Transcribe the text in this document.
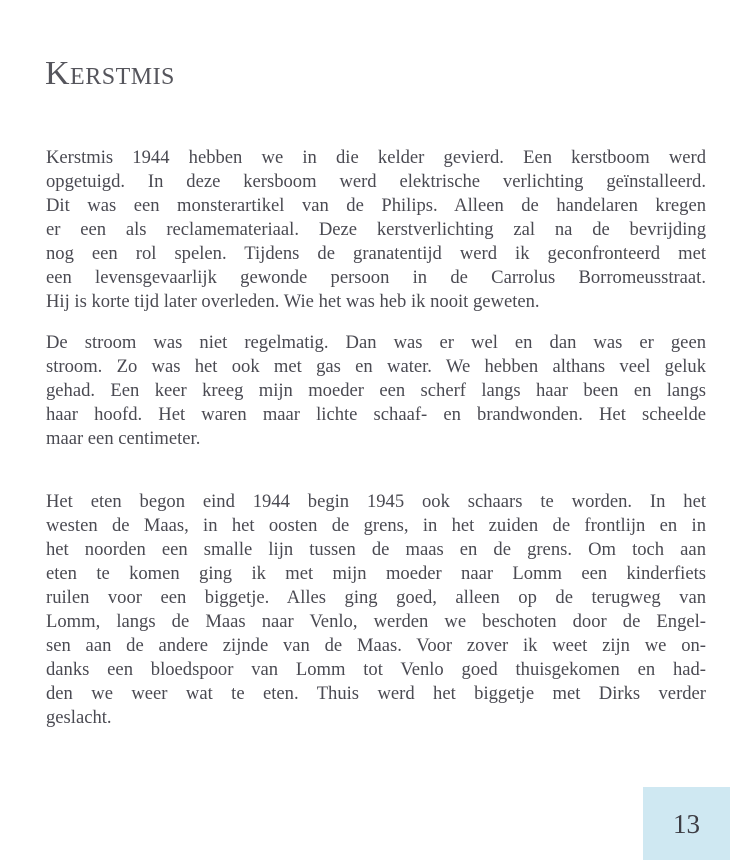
Kerstmis
Kerstmis 1944 hebben we in die kelder gevierd. Een kerstboom werd
opgetuigd. In deze kersboom werd elektrische verlichting geïnstalleerd.
Dit was een monsterartikel van de Philips. Alleen de handelaren kregen
er een als reclamemateriaal. Deze kerstverlichting zal na de bevrijding
nog een rol spelen. Tijdens de granatentijd werd ik geconfronteerd met
een levensgevaarlijk gewonde persoon in de Carrolus Borromeusstraat.
Hij is korte tijd later overleden. Wie het was heb ik nooit geweten.
De stroom was niet regelmatig. Dan was er wel en dan was er geen
stroom. Zo was het ook met gas en water. We hebben althans veel geluk
gehad. Een keer kreeg mijn moeder een scherf langs haar been en langs
haar hoofd. Het waren maar lichte schaaf- en brandwonden. Het scheelde
maar een centimeter.
Het eten begon eind 1944 begin 1945 ook schaars te worden. In het
westen de Maas, in het oosten de grens, in het zuiden de frontlijn en in
het noorden een smalle lijn tussen de maas en de grens. Om toch aan
eten te komen ging ik met mijn moeder naar Lomm een kinderfiets
ruilen voor een biggetje. Alles ging goed, alleen op de terugweg van
Lomm, langs de Maas naar Venlo, werden we beschoten door de Engel-
sen aan de andere zijnde van de Maas. Voor zover ik weet zijn we on-
danks een bloedspoor van Lomm tot Venlo goed thuisgekomen en had-
den we weer wat te eten. Thuis werd het biggetje met Dirks verder
geslacht.
13
